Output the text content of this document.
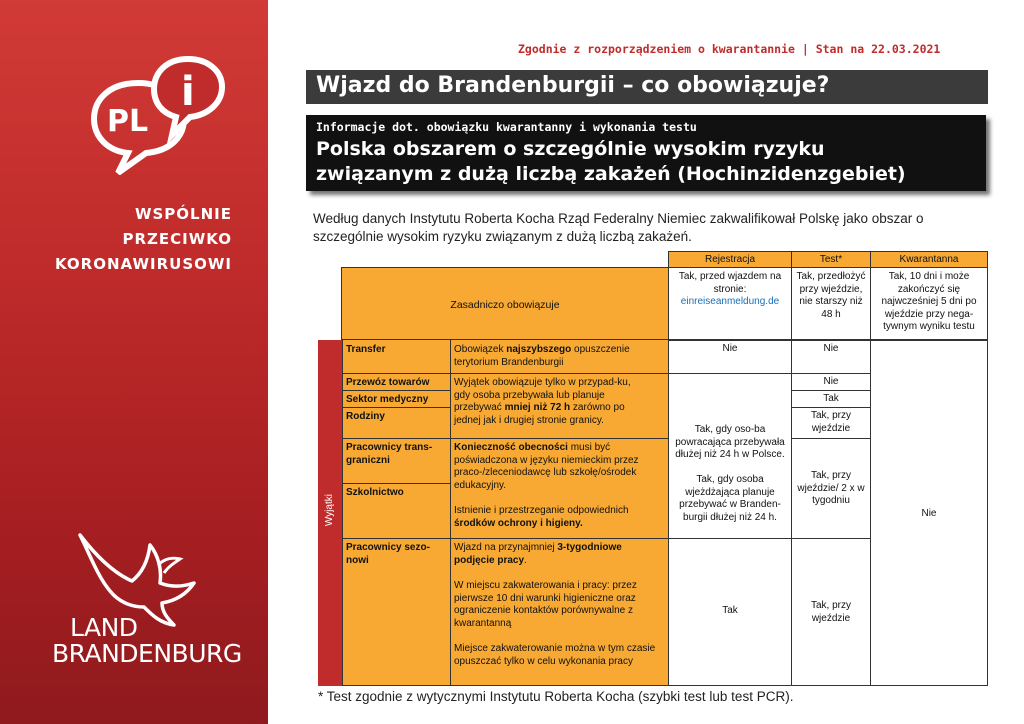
PL
i
WSPÓLNIE
PRZECIWKO
KORONAWIRUSOWI
LAND
BRANDENBURG
Zgodnie z rozporządzeniem o kwarantannie | Stan na 22.03.2021
Wjazd do Brandenburgii – co obowiązuje?
Informacje dot. obowiązku kwarantanny i wykonania testu
Polska obszarem o szczególnie wysokim ryzyku
związanym z dużą liczbą zakażeń (Hochinzidenzgebiet)
Według danych Instytutu Roberta Kocha Rząd Federalny Niemiec zakwalifikował Polskę jako obszar o szczególnie wysokim ryzyku związanym z dużą liczbą zakażeń.
Rejestracja	Test*	Kwarantanna
Zasadniczo obowiązuje
Tak, przed wjazdem na stronie:
einreiseanmeldung.de
Tak, przedłożyć przy wjeździe, nie starszy niż 48 h
Tak, 10 dni i może zakończyć się najwcześniej 5 dni po wjeździe przy nega-tywnym wyniku testu
Wyjątki
Transfer
Przewóz towarów
Sektor medyczny
Rodziny
Pracownicy trans-graniczni
Szkolnictwo
Pracownicy sezo-nowi
Obowiązek najszybszego opuszczenie terytorium Brandenburgii
Wyjątek obowiązuje tylko w przypad-ku, gdy osoba przebywała lub planuje przebywać mniej niż 72 h zarówno po jednej jak i drugiej stronie granicy.
Konieczność obecności musi być poświadczona w języku niemieckim przez praco-/zleceniodawcę lub szkołę/ośrodek edukacyjny.
Istnienie i przestrzeganie odpowiednich środków ochrony i higieny.
Wjazd na przynajmniej 3-tygodniowe podjęcie pracy.
W miejscu zakwaterowania i pracy: przez pierwsze 10 dni warunki higieniczne oraz ograniczenie kontaktów porównywalne z kwarantanną
Miejsce zakwaterowanie można w tym czasie opuszczać tylko w celu wykonania pracy
Nie
Tak, gdy oso-ba powracająca przebywała dłużej niż 24 h w Polsce.

Tak, gdy osoba wjeżdżająca planuje przebywać w Branden-burgii dłużej niż 24 h.
Tak
Nie
Nie
Tak
Tak, przy wjeździe
Tak, przy wjeździe/ 2 x w tygodniu
Tak, przy wjeździe
Nie
* Test zgodnie z wytycznymi Instytutu Roberta Kocha (szybki test lub test PCR).
